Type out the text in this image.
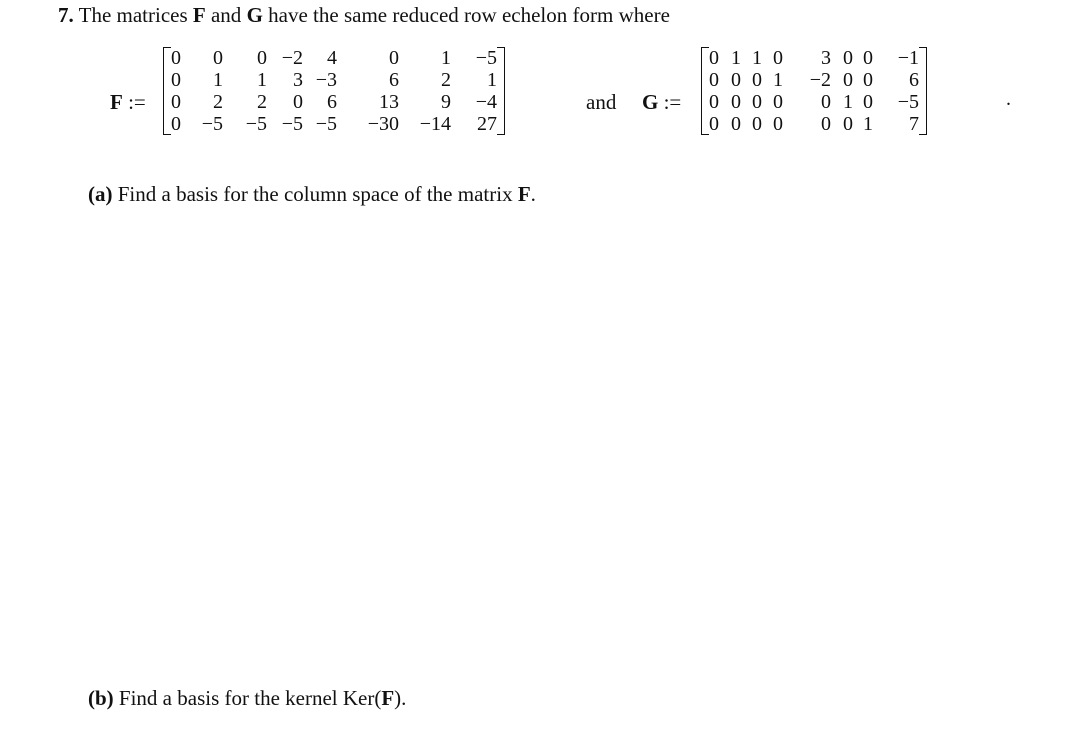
7. The matrices F and G have the same reduced row echelon form where
F :=
0	0	0 −2	4	0	1	−5
0	1	1	3 −3	6	2	1
0	2	2	0	6	13	9	−4
0	−5	−5 −5 −5	−30	−14	27
and G :=
0 1 1 0	3 0 0	−1
0 0 0 1	−2 0 0	6
0 0 0 0	0 1 0	−5
0 0 0 0	0 0 1	7
.
(a) Find a basis for the column space of the matrix F.
(b) Find a basis for the kernel Ker(F).
